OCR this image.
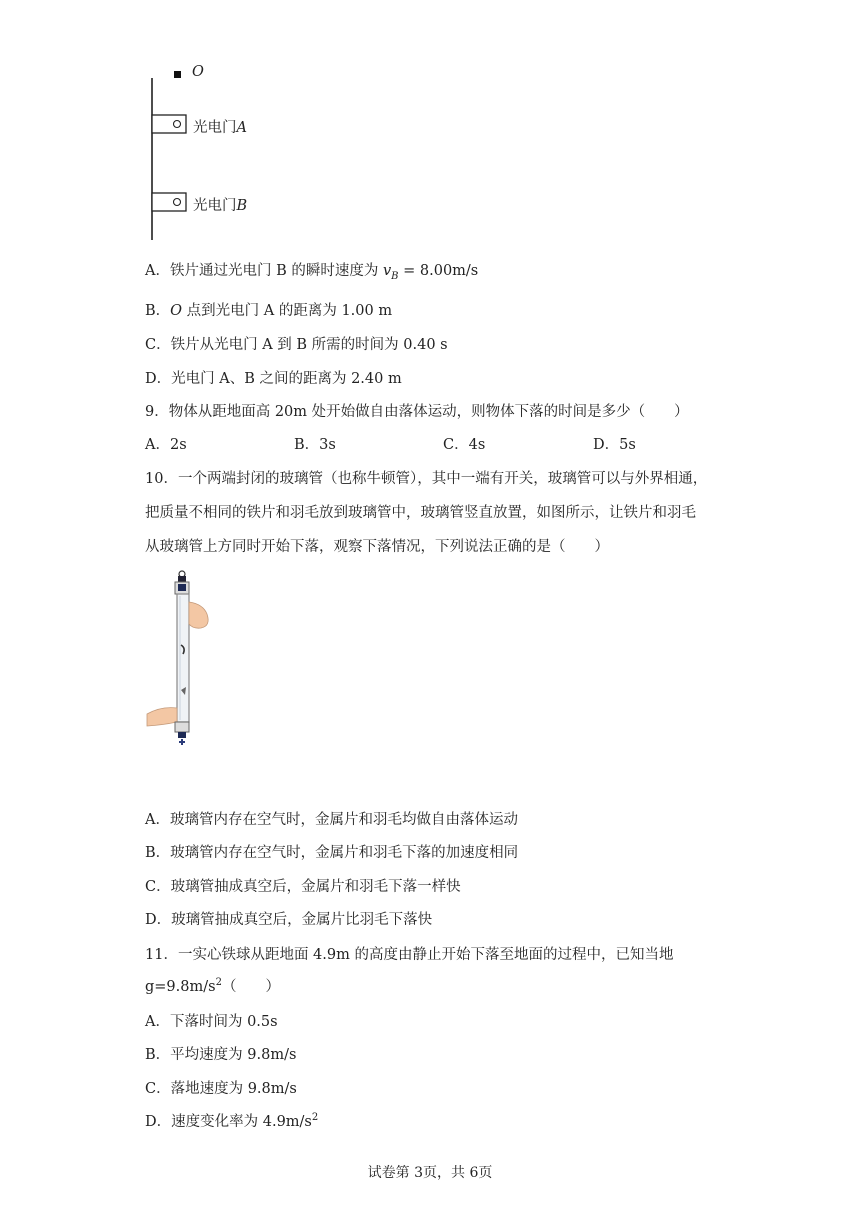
O
光电门A
光电门B
A．铁片通过光电门 B 的瞬时速度为 $v_B = 8.00m/s$
B．O 点到光电门 A 的距离为 1.00 m
C．铁片从光电门 A 到 B 所需的时间为 0.40 s
D．光电门 A、B 之间的距离为 2.40 m
9．物体从距地面高 20m 处开始做自由落体运动，则物体下落的时间是多少（　　）
A．2s	B．3s	C．4s	D．5s
10．一个两端封闭的玻璃管（也称牛顿管），其中一端有开关，玻璃管可以与外界相通，
把质量不相同的铁片和羽毛放到玻璃管中，玻璃管竖直放置，如图所示，让铁片和羽毛
从玻璃管上方同时开始下落，观察下落情况，下列说法正确的是（　　）
A．玻璃管内存在空气时，金属片和羽毛均做自由落体运动
B．玻璃管内存在空气时，金属片和羽毛下落的加速度相同
C．玻璃管抽成真空后，金属片和羽毛下落一样快
D．玻璃管抽成真空后，金属片比羽毛下落快
11．一实心铁球从距地面 4.9m 的高度由静止开始下落至地面的过程中，已知当地
$g=9.8m/s^2$（　　）
A．下落时间为 0.5s
B．平均速度为 9.8m/s
C．落地速度为 9.8m/s
D．速度变化率为 $4.9m/s^2$
试卷第 3页，共 6页
